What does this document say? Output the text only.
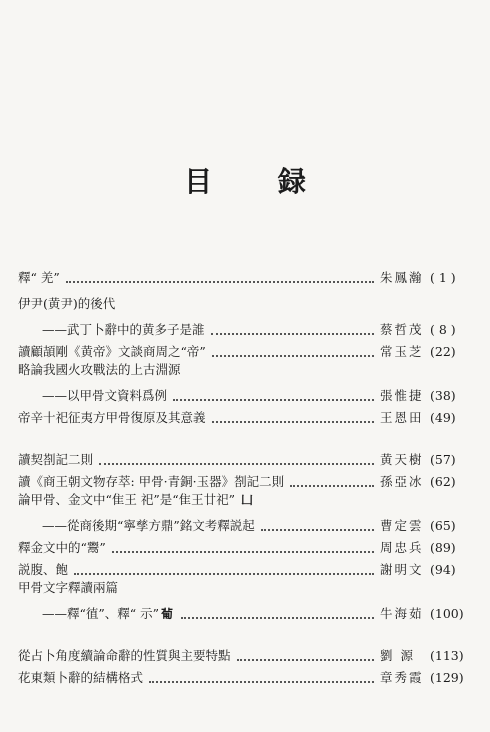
目 録
釋“ 羌”	朱鳳瀚 ( 1 )
伊尹(黄尹)的後代
——武丁卜辭中的黄多子是誰	蔡哲茂 ( 8 )
讀顧頡剛《黄帝》文談商周之“帝”	常玉芝 (22)
略論我國火攻戰法的上古淵源
——以甲骨文資料爲例	張惟捷 (38)
帝辛十祀征夷方甲骨復原及其意義	王恩田 (49)
讀契剳記二則	黄天樹 (57)
讀《商王朝文物存萃: 甲骨·青銅·玉器》剳記二則	孫亞冰 (62)
論甲骨、金文中“隹王 祀”是“隹王廿祀” 凵
——從商後期“寧孳方鼎”銘文考釋説起	曹定雲 (65)
釋金文中的“鬻”	周忠兵 (89)
説腹、飽	謝明文 (94)
甲骨文字釋讀兩篇
——釋“徝”、釋“ 示” 𤰈	牛海茹 (100)
從占卜角度續論命辭的性質與主要特點	劉 源	(113)
花東類卜辭的結構格式	章秀霞 (129)
